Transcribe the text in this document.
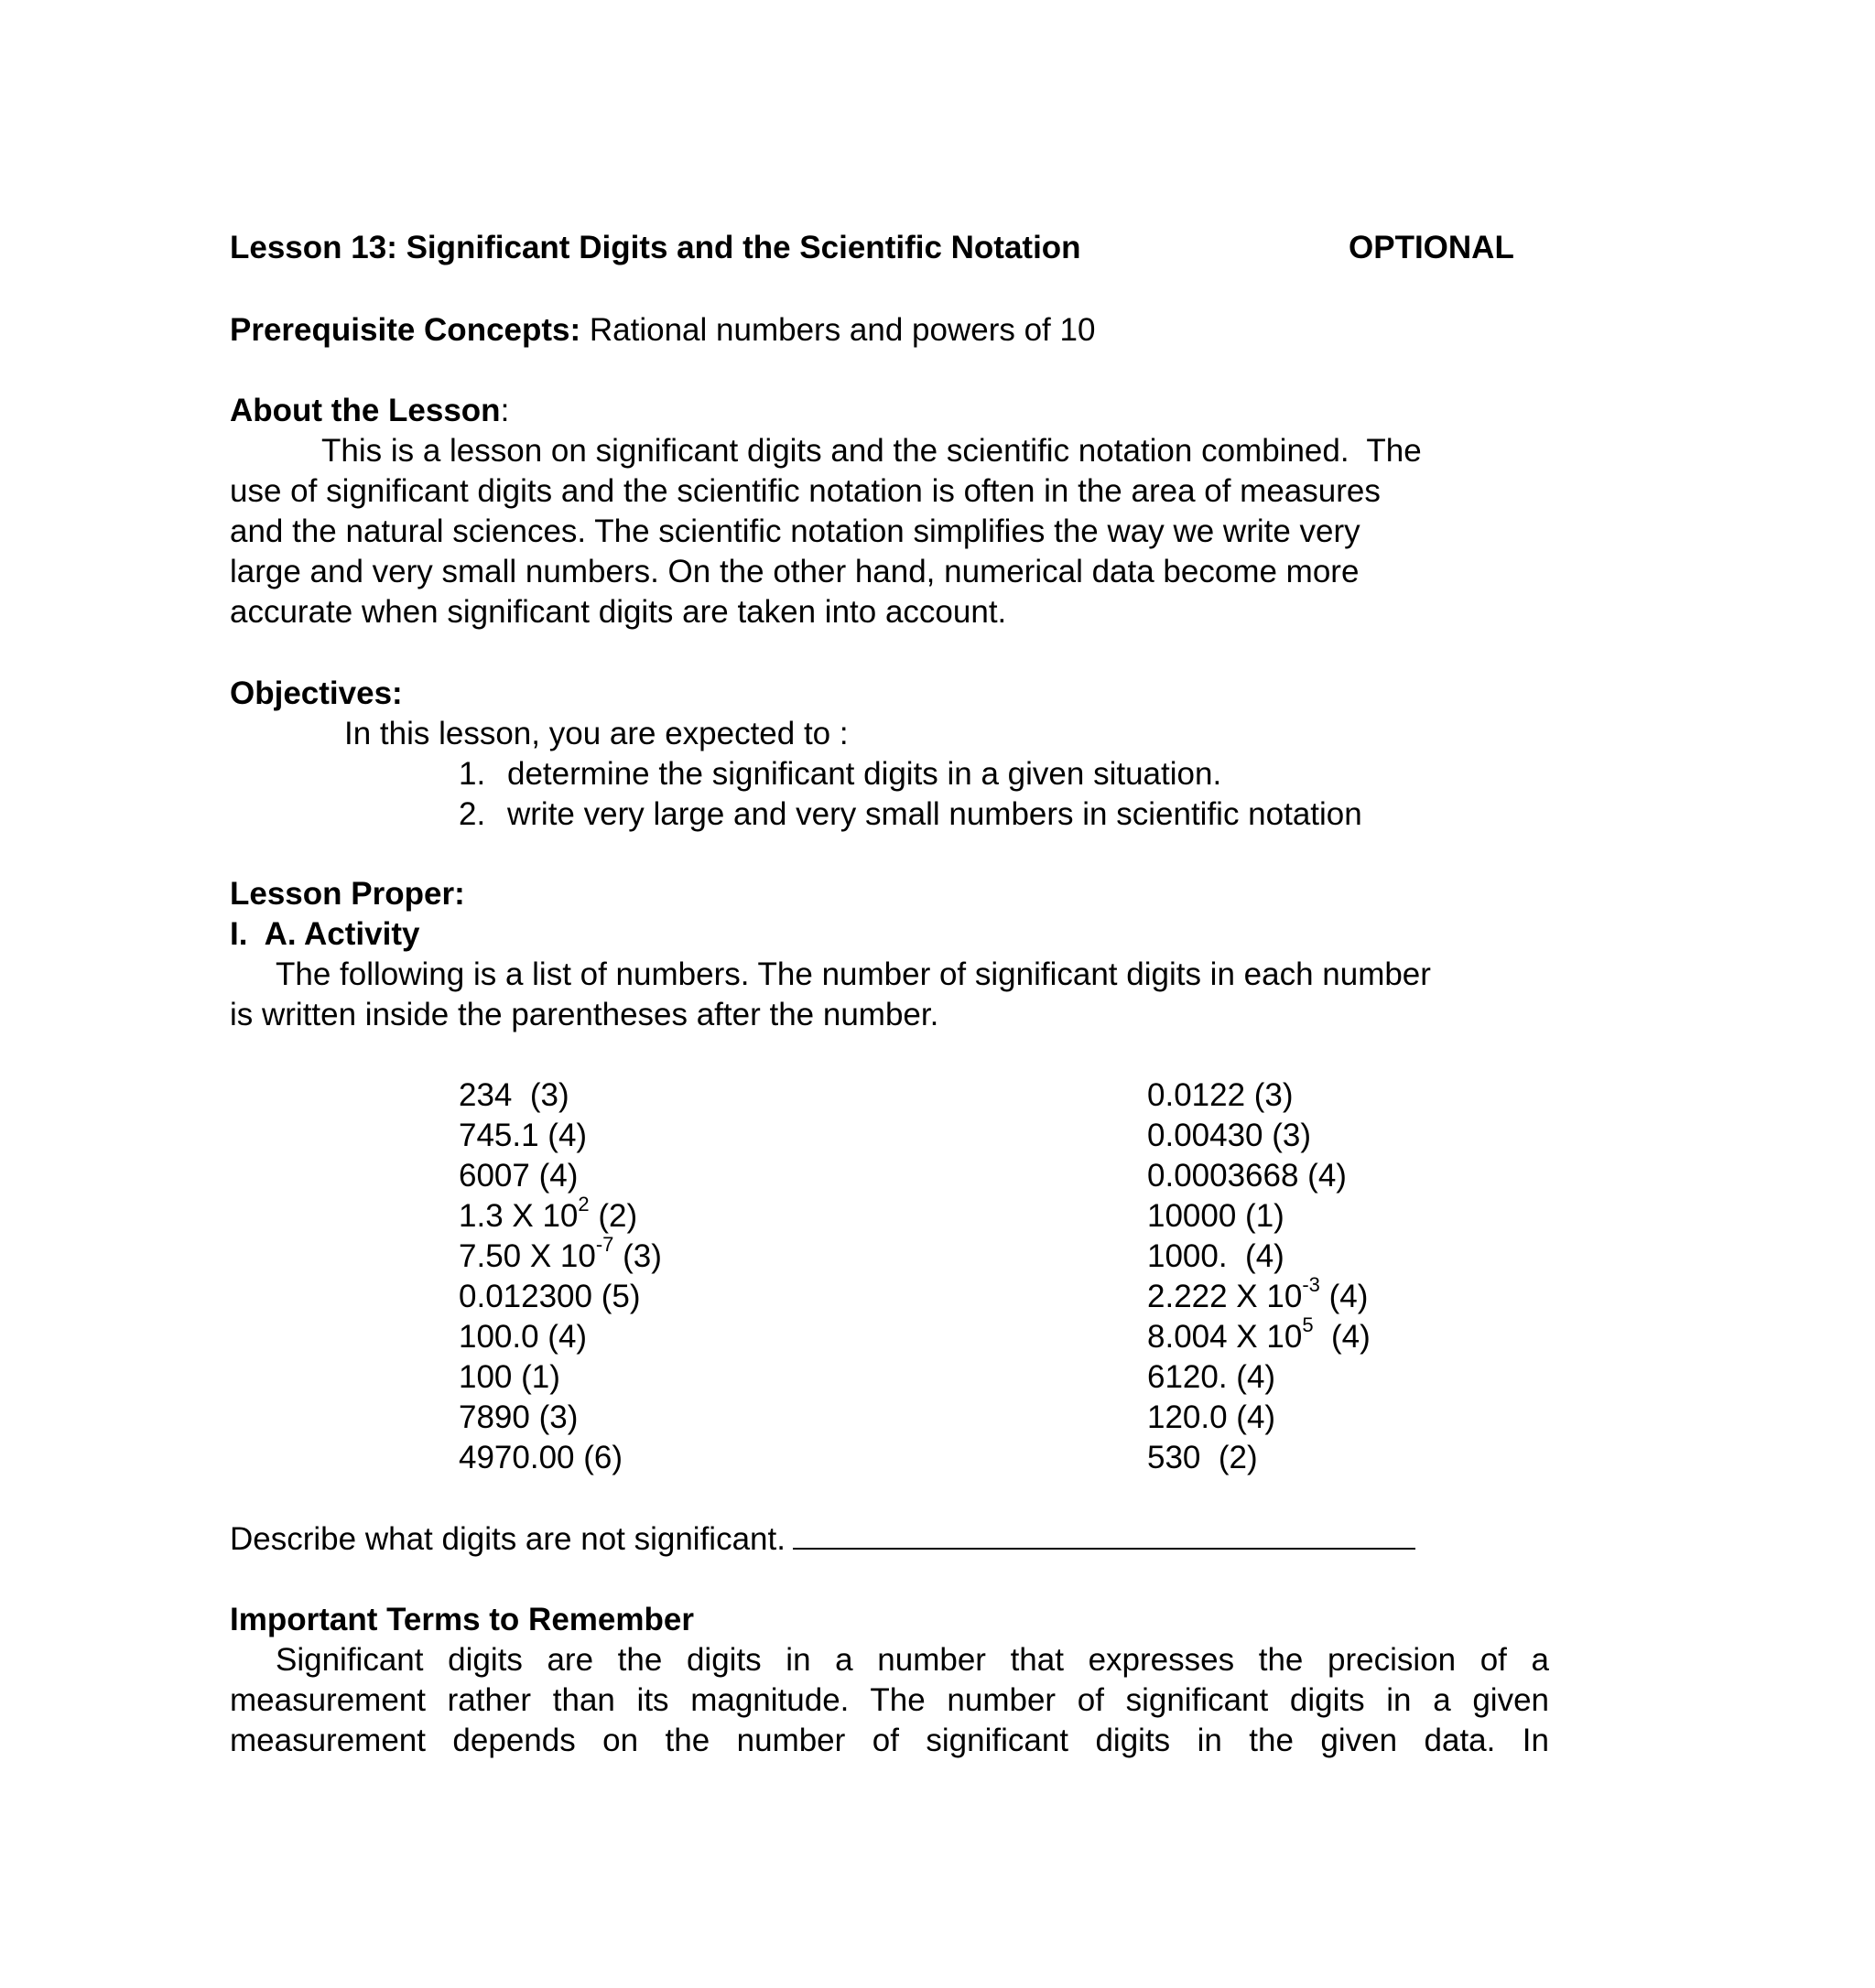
Lesson 13: Significant Digits and the Scientific Notation	OPTIONAL
Prerequisite Concepts: Rational numbers and powers of 10
About the Lesson:
This is a lesson on significant digits and the scientific notation combined.  The
use of significant digits and the scientific notation is often in the area of measures
and the natural sciences. The scientific notation simplifies the way we write very
large and very small numbers. On the other hand, numerical data become more
accurate when significant digits are taken into account.
Objectives:
In this lesson, you are expected to :
1. determine the significant digits in a given situation.
2. write very large and very small numbers in scientific notation
Lesson Proper:
I.  A. Activity
The following is a list of numbers. The number of significant digits in each number
is written inside the parentheses after the number.
234  (3)
745.1 (4)
6007 (4)
1.3 X $10^2$ (2)
7.50 X $10^{-7}$ (3)
0.012300 (5)
100.0 (4)
100 (1)
7890 (3)
4970.00 (6)
0.0122 (3)
0.00430 (3)
0.0003668 (4)
10000 (1)
1000.  (4)
2.222 X $10^{-3}$ (4)
8.004 X $10^5$  (4)
6120. (4)
120.0 (4)
530  (2)
Describe what digits are not significant.
Important Terms to Remember
Significant digits are the digits in a number that expresses the precision of a
measurement rather than its magnitude. The number of significant digits in a given
measurement depends on the number of significant digits in the given data. In
